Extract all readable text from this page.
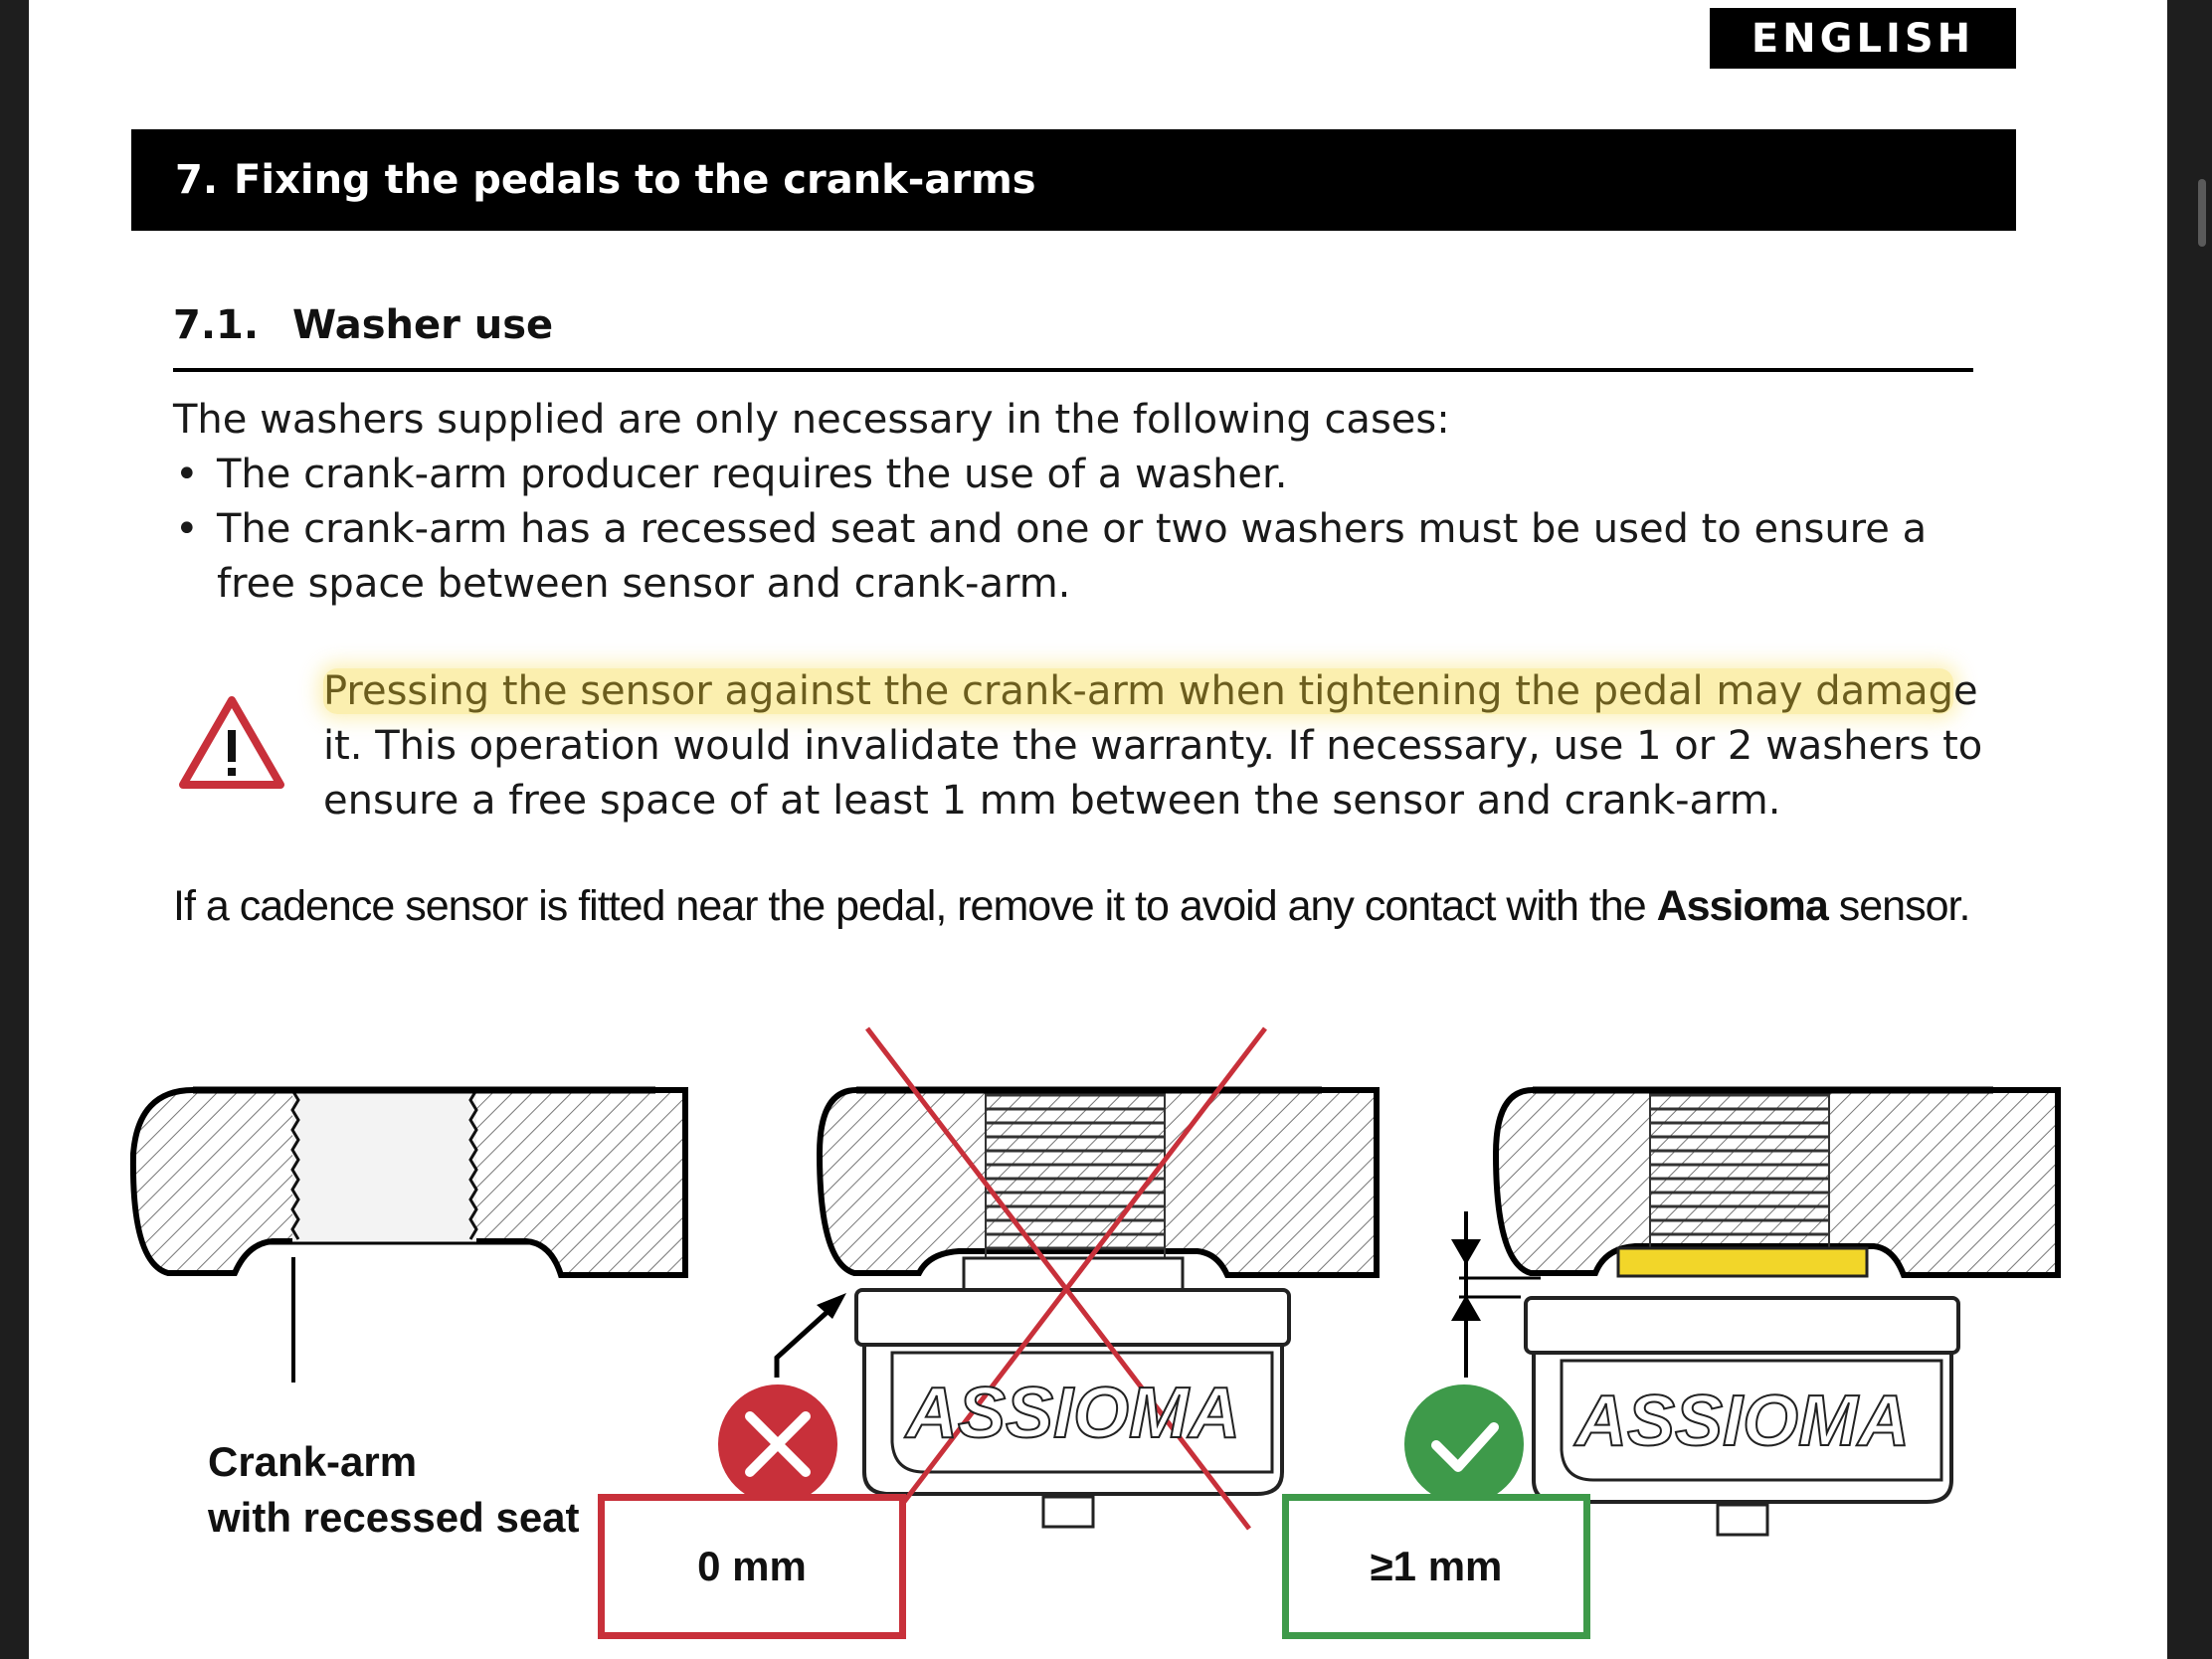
ENGLISH
7. Fixing the pedals to the crank-arms
7.1. Washer use
The washers supplied are only necessary in the following cases:
• The crank-arm producer requires the use of a washer.
• The crank-arm has a recessed seat and one or two washers must be used to ensure a free space between sensor and crank-arm.
Pressing the sensor against the crank-arm when tightening the pedal may damage it. This operation would invalidate the warranty. If necessary, use 1 or 2 washers to ensure a free space of at least 1 mm between the sensor and crank-arm.
If a cadence sensor is fitted near the pedal, remove it to avoid any contact with the Assioma sensor.
ASSIOMA	ASSIOMA
Crank-arm
with recessed seat
0 mm	≥1 mm
